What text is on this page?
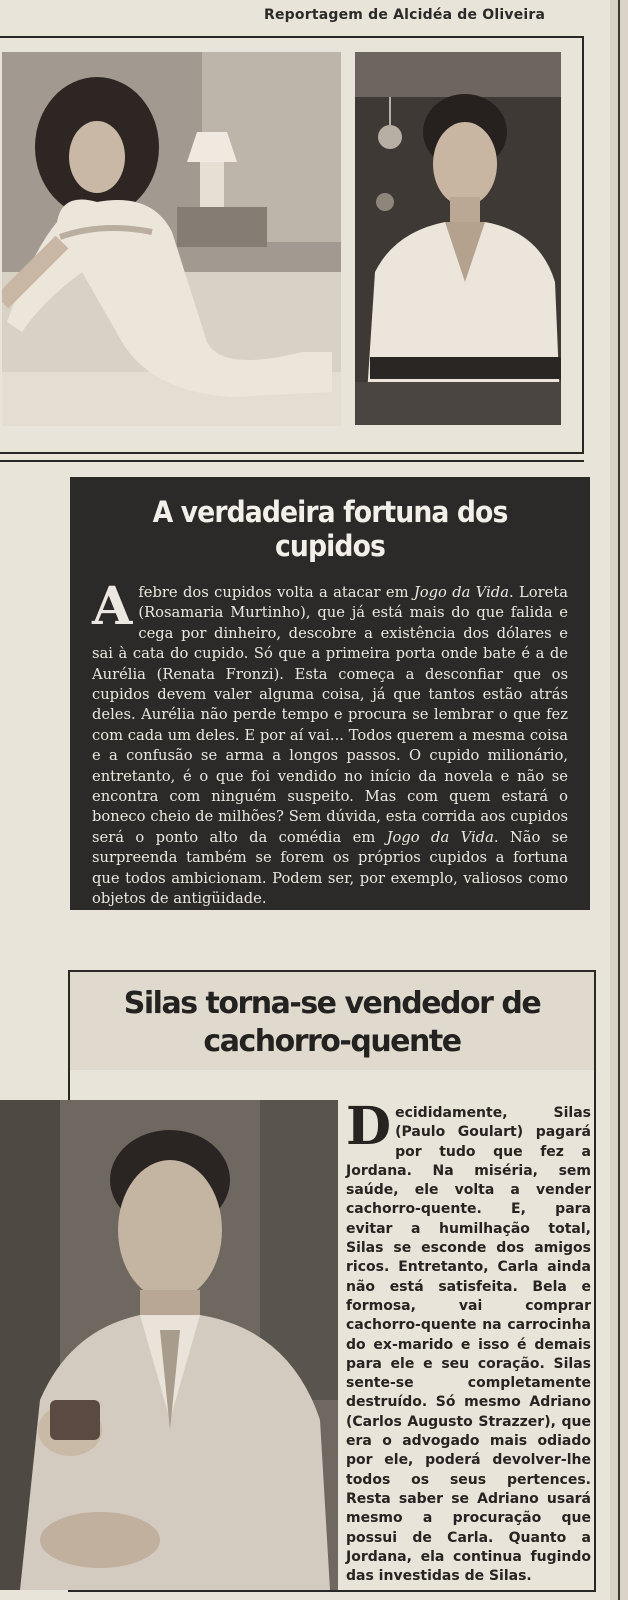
Reportagem de Alcidéa de Oliveira
A verdadeira fortuna dos cupidos
A febre dos cupidos volta a atacar em Jogo da Vida. Loreta (Rosamaria Murtinho), que já está mais do que falida e cega por dinheiro, descobre a existência dos dólares e sai à cata do cupido. Só que a primeira porta onde bate é a de Aurélia (Renata Fronzi). Esta começa a desconfiar que os cupidos devem valer alguma coisa, já que tantos estão atrás deles. Aurélia não perde tempo e procura se lembrar o que fez com cada um deles. E por aí vai... Todos querem a mesma coisa e a confusão se arma a longos passos. O cupido milionário, entretanto, é o que foi vendido no início da novela e não se encontra com ninguém suspeito. Mas com quem estará o boneco cheio de milhões? Sem dúvida, esta corrida aos cupidos será o ponto alto da comédia em Jogo da Vida. Não se surpreenda também se forem os próprios cupidos a fortuna que todos ambicionam. Podem ser, por exemplo, valiosos como objetos de antigüidade.
Silas torna-se vendedor de cachorro-quente
Decididamente, Silas (Paulo Goulart) pagará por tudo que fez a Jordana. Na miséria, sem saúde, ele volta a vender cachorro-quente. E, para evitar a humilhação total, Silas se esconde dos amigos ricos. Entretanto, Carla ainda não está satisfeita. Bela e formosa, vai comprar cachorro-quente na carrocinha do ex-marido e isso é demais para ele e seu coração. Silas sente-se completamente destruído. Só mesmo Adriano (Carlos Augusto Strazzer), que era o advogado mais odiado por ele, poderá devolver-lhe todos os seus pertences. Resta saber se Adriano usará mesmo a procuração que possui de Carla. Quanto a Jordana, ela continua fugindo das investidas de Silas.
